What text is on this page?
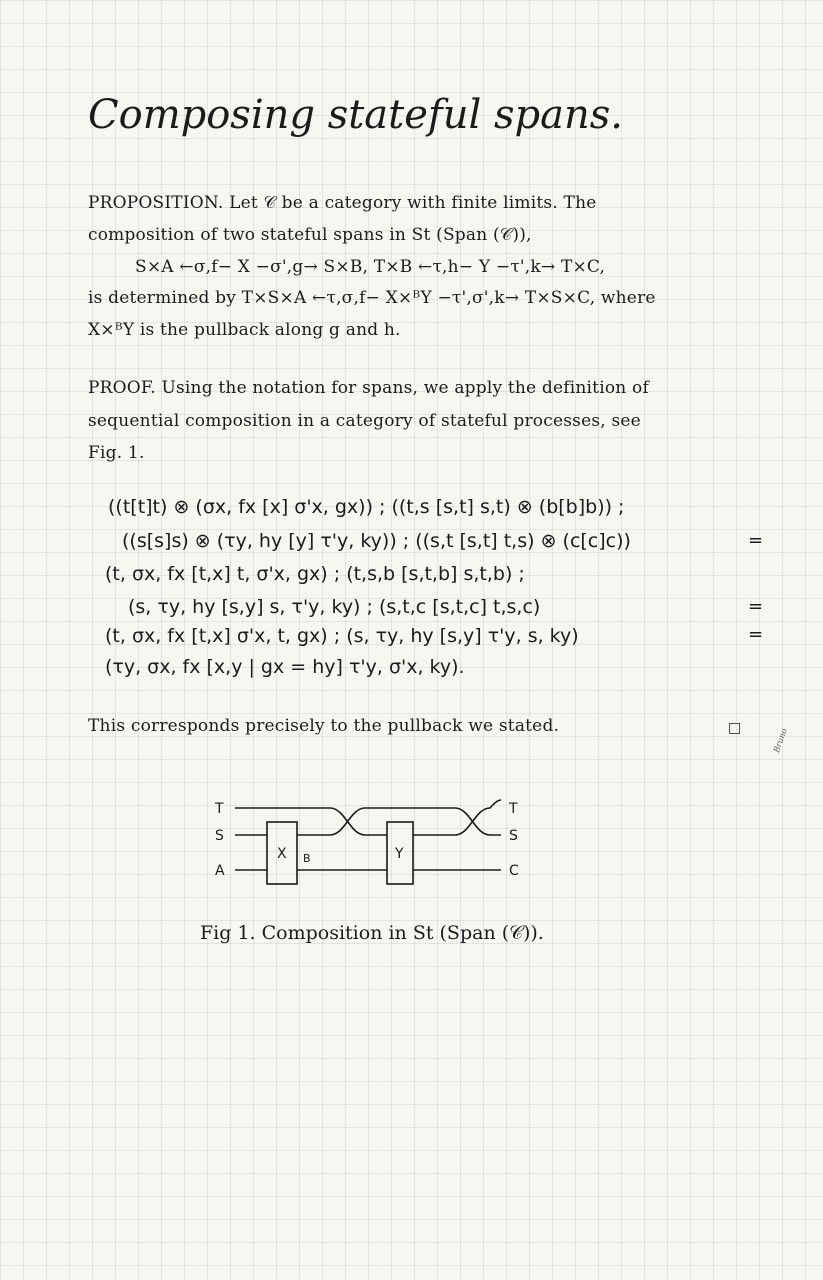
Composing stateful spans.
PROPOSITION. Let 𝒞 be a category with finite limits. The
composition of two stateful spans in St (Span (𝒞)),
S×A ←σ,f− X −σ',g→ S×B, T×B ←τ,h− Y −τ',k→ T×C,
is determined by T×S×A ←τ,σ,f− X×ᴮY −τ',σ',k→ T×S×C, where
X×ᴮY is the pullback along g and h.
PROOF. Using the notation for spans, we apply the definition of
sequential composition in a category of stateful processes, see
Fig. 1.
((t[t]t) ⊗ (σx, fx [x] σ'x, gx)) ; ((t,s [s,t] s,t) ⊗ (b[b]b)) ;
((s[s]s) ⊗ (τy, hy [y] τ'y, ky)) ; ((s,t [s,t] t,s) ⊗ (c[c]c))	=
(t, σx, fx [t,x] t, σ'x, gx) ; (t,s,b [s,t,b] s,t,b) ;
(s, τy, hy [s,y] s, τ'y, ky) ; (s,t,c [s,t,c] t,s,c)	=
(t, σx, fx [t,x] σ'x, t, gx) ; (s, τy, hy [s,y] τ'y, s, ky)	=
(τy, σx, fx [x,y | gx = hy] τ'y, σ'x, ky).
This corresponds precisely to the pullback we stated.	□	Bruno
T
S
A
T
S
C
X	Y
B
Fig 1. Composition in St (Span (𝒞)).
